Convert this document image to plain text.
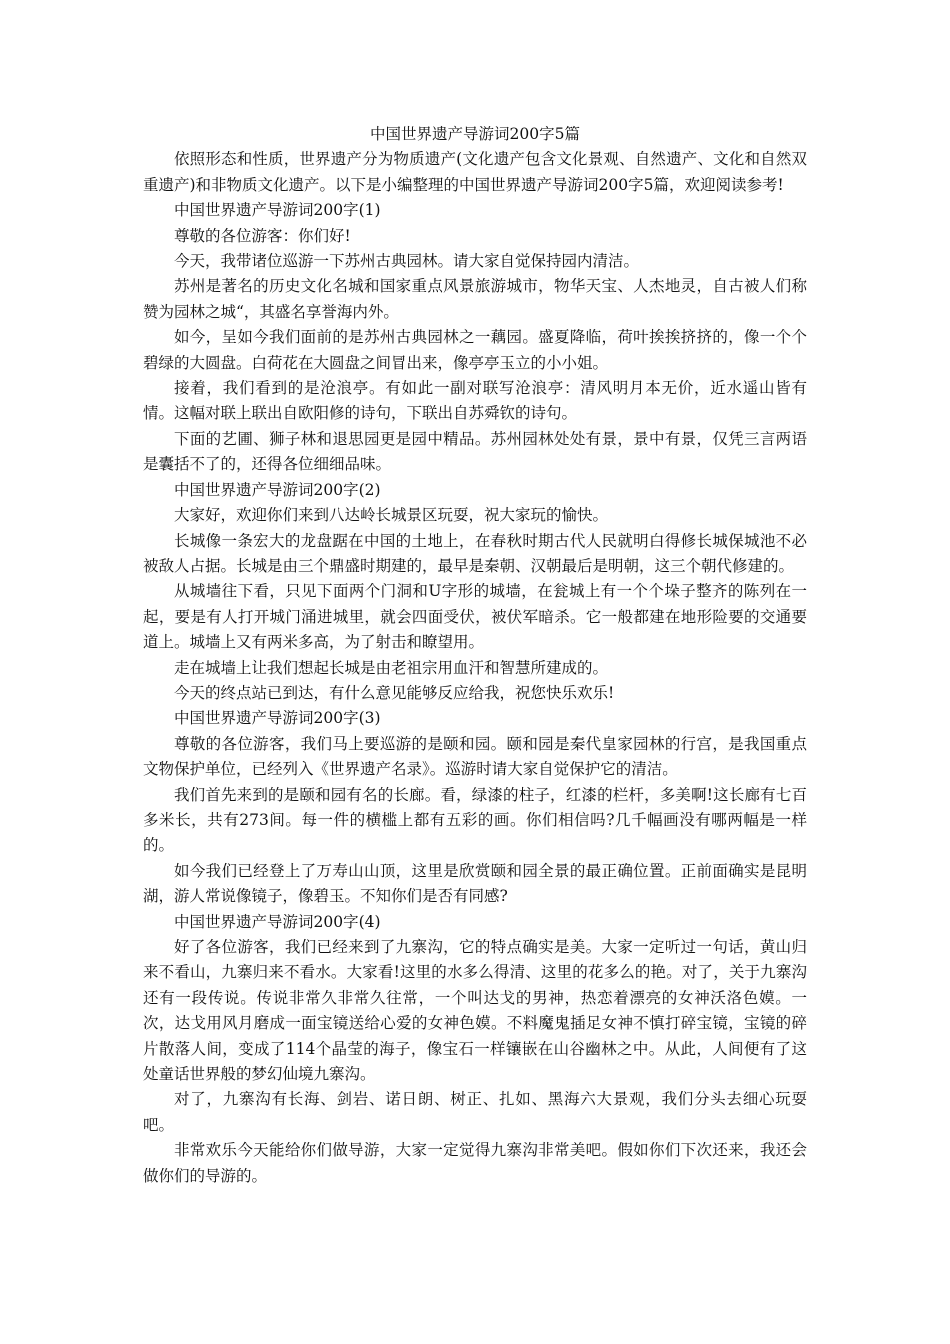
中国世界遗产导游词200字5篇

依照形态和性质，世界遗产分为物质遗产(文化遗产包含文化景观、自然遗产、文化和自然双重遗产)和非物质文化遗产。以下是小编整理的中国世界遗产导游词200字5篇，欢迎阅读参考!

中国世界遗产导游词200字(1)

尊敬的各位游客：你们好!

今天，我带诸位巡游一下苏州古典园林。请大家自觉保持园内清洁。

苏州是著名的历史文化名城和国家重点风景旅游城市，物华天宝、人杰地灵，自古被人们称赞为园林之城“，其盛名享誉海内外。

如今，呈如今我们面前的是苏州古典园林之一藕园。盛夏降临，荷叶挨挨挤挤的，像一个个碧绿的大圆盘。白荷花在大圆盘之间冒出来，像亭亭玉立的小小姐。

接着，我们看到的是沧浪亭。有如此一副对联写沧浪亭：清风明月本无价，近水遥山皆有情。这幅对联上联出自欧阳修的诗句，下联出自苏舜钦的诗句。

下面的艺圃、狮子林和退思园更是园中精品。苏州园林处处有景，景中有景，仅凭三言两语是囊括不了的，还得各位细细品味。

中国世界遗产导游词200字(2)

大家好，欢迎你们来到八达岭长城景区玩耍，祝大家玩的愉快。

长城像一条宏大的龙盘踞在中国的土地上，在春秋时期古代人民就明白得修长城保城池不必被敌人占据。长城是由三个鼎盛时期建的，最早是秦朝、汉朝最后是明朝，这三个朝代修建的。

从城墙往下看，只见下面两个门洞和U字形的城墙，在瓮城上有一个个垛子整齐的陈列在一起，要是有人打开城门涌进城里，就会四面受伏，被伏军暗杀。它一般都建在地形险要的交通要道上。城墙上又有两米多高，为了射击和瞭望用。

走在城墙上让我们想起长城是由老祖宗用血汗和智慧所建成的。

今天的终点站已到达，有什么意见能够反应给我，祝您快乐欢乐!

中国世界遗产导游词200字(3)

尊敬的各位游客，我们马上要巡游的是颐和园。颐和园是秦代皇家园林的行宫，是我国重点文物保护单位，已经列入《世界遗产名录》。巡游时请大家自觉保护它的清洁。

我们首先来到的是颐和园有名的长廊。看，绿漆的柱子，红漆的栏杆，多美啊!这长廊有七百多米长，共有273间。每一件的横槛上都有五彩的画。你们相信吗?几千幅画没有哪两幅是一样的。

如今我们已经登上了万寿山山顶，这里是欣赏颐和园全景的最正确位置。正前面确实是昆明湖，游人常说像镜子，像碧玉。不知你们是否有同感?

中国世界遗产导游词200字(4)

好了各位游客，我们已经来到了九寨沟，它的特点确实是美。大家一定听过一句话，黄山归来不看山，九寨归来不看水。大家看!这里的水多么得清、这里的花多么的艳。对了，关于九寨沟还有一段传说。传说非常久非常久往常，一个叫达戈的男神，热恋着漂亮的女神沃洛色嫫。一次，达戈用风月磨成一面宝镜送给心爱的女神色嫫。不料魔鬼插足女神不慎打碎宝镜，宝镜的碎片散落人间，变成了114个晶莹的海子，像宝石一样镶嵌在山谷幽林之中。从此，人间便有了这处童话世界般的梦幻仙境九寨沟。

对了，九寨沟有长海、剑岩、诺日朗、树正、扎如、黑海六大景观，我们分头去细心玩耍吧。

非常欢乐今天能给你们做导游，大家一定觉得九寨沟非常美吧。假如你们下次还来，我还会做你们的导游的。
